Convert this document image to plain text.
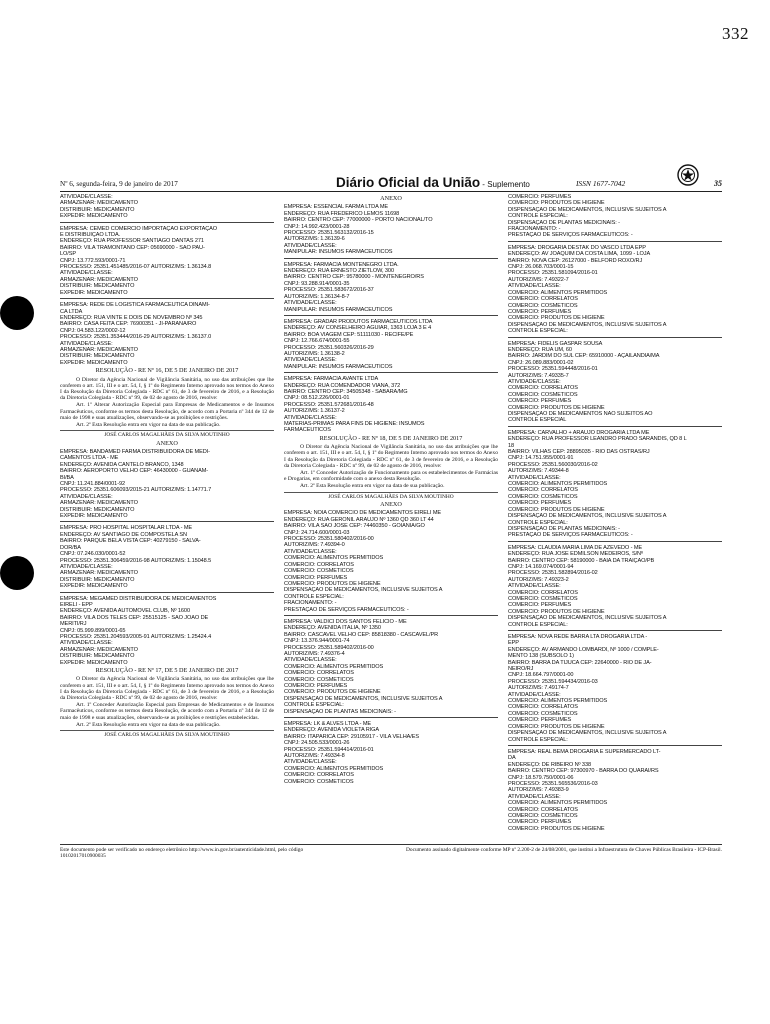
332
Nº 6, segunda-feira, 9 de janeiro de 2017	Diário Oficial da União - Suplemento	ISSN 1677-7042	35
ATIVIDADE/CLASSE:
ARMAZENAR: MEDICAMENTO
DISTRIBUIR: MEDICAMENTO
EXPEDIR: MEDICAMENTO
EMPRESA: CEMED COMÉRCIO IMPORTAÇÃO EXPORTAÇÃO
E DISTRIBUIÇÃO LTDA.
ENDEREÇO: RUA PROFESSOR SANTIAGO DANTAS 271
BAIRRO: VILA TRAMONTANO CEP: 05690000 - SÃO PAU-
LO/SP
CNPJ: 13.772.593/0001-71
PROCESSO: 25351.451485/2016-07 AUTORIZ/MS: 1.36134.8
ATIVIDADE/CLASSE:
ARMAZENAR: MEDICAMENTO
DISTRIBUIR: MEDICAMENTO
EXPEDIR: MEDICAMENTO
EMPRESA: REDE DE LOGÍSTICA FARMACÊUTICA DINAMI-
CA LTDA
ENDEREÇO: RUA VINTE E DOIS DE NOVEMBRO Nº 345
BAIRRO: CASA FEITA CEP: 76900351 - JI-PARANÁ/RO
CNPJ: 04.583.122/0002-12
PROCESSO: 25351.353444/2016-29 AUTORIZ/MS: 1.36137.0
ATIVIDADE/CLASSE:
ARMAZENAR: MEDICAMENTO
DISTRIBUIR: MEDICAMENTO
EXPEDIR: MEDICAMENTO
RESOLUÇÃO - RE Nº 16, DE 5 DE JANEIRO DE 2017
O Diretor da Agência Nacional de Vigilância Sanitária, no uso das atribuições que lhe conferem o art. 151, III e o art. 54, I, § 1º do Regimento Interno aprovado nos termos do Anexo I da Resolução da Diretoria Colegiada - RDC nº 61, de 3 de fevereiro de 2016, e a Resolução da Diretoria Colegiada - RDC nº 99, de 02 de agosto de 2016, resolve:
Art. 1º Alterar Autorização Especial para Empresas de Medicamentos e de Insumos Farmacêuticos, conforme os termos desta Resolução, de acordo com a Portaria nº 344 de 12 de maio de 1998 e suas atualizações, observando-se as proibições e restrições.
Art. 2º Esta Resolução entra em vigor na data de sua publicação.
JOSÉ CARLOS MAGALHÃES DA SILVA MOUTINHO
ANEXO
EMPRESA: BANDAMED FARMA DISTRIBUIDORA DE MEDI-
CAMENTOS LTDA - ME
ENDEREÇO: AVENIDA CANTELO BRANCO, 1348
BAIRRO: AEROPORTO VELHO CEP: 46430000 - GUANAM-
BI/BA
CNPJ: 11.241.884/0001-92
PROCESSO: 25351.606093/2015-21 AUTORIZ/MS: 1.14771.7
ATIVIDADE/CLASSE:
ARMAZENAR: MEDICAMENTO
DISTRIBUIR: MEDICAMENTO
EXPEDIR: MEDICAMENTO
EMPRESA: PRO HOSPITAL HOSPITALAR LTDA - ME
ENDEREÇO: AV SANTIAGO DE COMPOSTELA SN
BAIRRO: PARQUE BELA VISTA CEP: 40279150 - SALVA-
DOR/BA
CNPJ: 07.246.030/0001-52
PROCESSO: 25351.306459/2016-98 AUTORIZ/MS: 1.15048.5
ATIVIDADE/CLASSE:
ARMAZENAR: MEDICAMENTO
DISTRIBUIR: MEDICAMENTO
EXPEDIR: MEDICAMENTO
EMPRESA: MEGAMED DISTRIBUIDORA DE MEDICAMENTOS
EIRELI - EPP
ENDEREÇO: AVENIDA AUTOMÓVEL CLUB, Nº 1600
BAIRRO: VILA DOS TELES CEP: 25515125 - SÃO JOÃO DE
MERITI/RJ
CNPJ: 05.999.899/0001-65
PROCESSO: 25351.204593/2005-91 AUTORIZ/MS: 1.25424.4
ATIVIDADE/CLASSE:
ARMAZENAR: MEDICAMENTO
DISTRIBUIR: MEDICAMENTO
EXPEDIR: MEDICAMENTO
RESOLUÇÃO - RE Nº 17, DE 5 DE JANEIRO DE 2017
O Diretor da Agência Nacional de Vigilância Sanitária, no uso das atribuições que lhe conferem o art. 151, III e o art. 54, I, § 1º do Regimento Interno aprovado nos termos do Anexo I da Resolução da Diretoria Colegiada - RDC nº 61, de 3 de fevereiro de 2016, e a Resolução da Diretoria Colegiada - RDC nº 99, de 02 de agosto de 2016, resolve:
Art. 1º Conceder Autorização Especial para Empresas de Medicamentos e de Insumos Farmacêuticos, conforme os termos desta Resolução, de acordo com a Portaria nº 344 de 12 de maio de 1998 e suas atualizações, observando-se as proibições e restrições estabelecidas.
Art. 2º Esta Resolução entra em vigor na data de sua publicação.
JOSÉ CARLOS MAGALHÃES DA SILVA MOUTINHO
ANEXO
EMPRESA: ESSENCIAL FARMA LTDA ME
ENDEREÇO: RUA FREDERICO LEMOS 11698
BAIRRO: CENTRO CEP: 77000000 - PORTO NACIONAL/TO
CNPJ: 14.992.423/0001-28
PROCESSO: 25351.563132/2016-15
AUTORIZ/MS: 1.36139-6
ATIVIDADE/CLASSE:
MANIPULAR: INSUMOS FARMACÊUTICOS
EMPRESA: FARMÁCIA MONTENEGRO LTDA.
ENDEREÇO: RUA ERNESTO ZIETLOW, 300
BAIRRO: CENTRO CEP: 95780000 - MONTENEGRO/RS
CNPJ: 93.288.914/0001-35
PROCESSO: 25351.583672/2016-37
AUTORIZ/MS: 1.36134-8-7
ATIVIDADE/CLASSE:
MANIPULAR: INSUMOS FARMACÊUTICOS
EMPRESA: GRADAR PRODUTOS FARMACÊUTICOS LTDA
ENDEREÇO: AV CONSELHEIRO AGUIAR, 1363 LOJA 3 E 4
BAIRRO: BOA VIAGEM CEP: 51111030 - RECIFE/PE
CNPJ: 12.766.674/0001-55
PROCESSO: 25351.560326/2016-29
AUTORIZ/MS: 1.36138-2
ATIVIDADE/CLASSE:
MANIPULAR: INSUMOS FARMACÊUTICOS
EMPRESA: FARMÁCIA AVANTE LTDA
ENDEREÇO: RUA COMENDADOR VIANA, 372
BAIRRO: CENTRO CEP: 34505348 - SABARÁ/MG
CNPJ: 08.512.226/0001-01
PROCESSO: 25351.572681/2016-48
AUTORIZ/MS: 1.36137-2
ATIVIDADE/CLASSE:
MATÉRIAS-PRIMAS PARA FINS DE HIGIENE: INSUMOS
FARMACÊUTICOS
RESOLUÇÃO - RE Nº 18, DE 5 DE JANEIRO DE 2017
O Diretor da Agência Nacional de Vigilância Sanitária, no uso das atribuições que lhe conferem o art. 151, III e o art. 54, I, § 1º do Regimento Interno aprovado nos termos do Anexo I da Resolução da Diretoria Colegiada - RDC nº 61, de 3 de fevereiro de 2016, e a Resolução da Diretoria Colegiada - RDC nº 99, de 02 de agosto de 2016, resolve:
Art. 1º Conceder Autorização de Funcionamento para os estabelecimentos de Farmácias e Drogarias, em conformidade com o anexo desta Resolução.
Art. 2º Esta Resolução entra em vigor na data de sua publicação.
JOSÉ CARLOS MAGALHÃES DA SILVA MOUTINHO
ANEXO
EMPRESA: NÓIA COMÉRCIO DE MEDICAMENTOS EIRELI ME
ENDEREÇO: RUA GERONIL ARAÚJO Nº 1360 QD 360 LT 44
BAIRRO: VILA SÃO JOSÉ CEP: 74460350 - GOIÂNIA/GO
CNPJ: 24.714.600/0001-03
PROCESSO: 25351.580402/2016-00
AUTORIZ/MS: 7.49394-0
ATIVIDADE/CLASSE:
COMÉRCIO: ALIMENTOS PERMITIDOS
COMÉRCIO: CORRELATOS
COMÉRCIO: COSMÉTICOS
COMÉRCIO: PERFUMES
COMÉRCIO: PRODUTOS DE HIGIENE
DISPENSAÇÃO DE MEDICAMENTOS, INCLUSIVE SUJEITOS A
CONTROLE ESPECIAL:
FRACIONAMENTO: -
PRESTAÇÃO DE SERVIÇOS FARMACÊUTICOS: -
EMPRESA: VALDICI DOS SANTOS FELICIO - ME
ENDEREÇO: AVENIDA ITÁLIA, Nº 1350
BAIRRO: CASCAVEL VELHO CEP: 85818380 - CASCAVEL/PR
CNPJ: 13.376.944/0001-74
PROCESSO: 25351.589402/2016-00
AUTORIZ/MS: 7.49376-4
ATIVIDADE/CLASSE:
COMÉRCIO: ALIMENTOS PERMITIDOS
COMÉRCIO: CORRELATOS
COMÉRCIO: COSMÉTICOS
COMÉRCIO: PERFUMES
COMÉRCIO: PRODUTOS DE HIGIENE
DISPENSAÇÃO DE MEDICAMENTOS, INCLUSIVE SUJEITOS A
CONTROLE ESPECIAL:
DISPENSAÇÃO DE PLANTAS MEDICINAIS: -
EMPRESA: LK & ALVES LTDA - ME
ENDEREÇO: AVENIDA VIOLETA RIGA
BAIRRO: ITAPARICA CEP: 29105917 - VILA VELHA/ES
CNPJ: 24.505.533/0001-26
PROCESSO: 25351.594414/2016-01
AUTORIZ/MS: 7.49334-8
ATIVIDADE/CLASSE:
COMÉRCIO: ALIMENTOS PERMITIDOS
COMÉRCIO: CORRELATOS
COMÉRCIO: COSMÉTICOS
COMÉRCIO: PERFUMES
COMÉRCIO: PRODUTOS DE HIGIENE
DISPENSAÇÃO DE MEDICAMENTOS, INCLUSIVE SUJEITOS A
CONTROLE ESPECIAL:
DISPENSAÇÃO DE PLANTAS MEDICINAIS: -
FRACIONAMENTO: -
PRESTAÇÃO DE SERVIÇOS FARMACÊUTICOS: -
EMPRESA: DROGARIA DESTAK DO VASCO LTDA EPP
ENDEREÇO: AV JOAQUIM DA COSTA LIMA, 1099 - LOJA
BAIRRO: NOVA CEP: 26127000 - BELFORD ROXO/RJ
CNPJ: 26.068.703/0001-15
PROCESSO: 25351.581094/2016-01
AUTORIZ/MS: 7.49322-7
ATIVIDADE/CLASSE:
COMÉRCIO: ALIMENTOS PERMITIDOS
COMÉRCIO: CORRELATOS
COMÉRCIO: COSMÉTICOS
COMÉRCIO: PERFUMES
COMÉRCIO: PRODUTOS DE HIGIENE
DISPENSAÇÃO DE MEDICAMENTOS, INCLUSIVE SUJEITOS A
CONTROLE ESPECIAL:
EMPRESA: FIDELIS GASPAR SOUSA
ENDEREÇO: RUA UM, 60
BAIRRO: JARDIM DO SUL CEP: 65910000 - AÇAILÂNDIA/MA
CNPJ: 26.089.883/0001-02
PROCESSO: 25351.594448/2016-01
AUTORIZ/MS: 7.49335-7
ATIVIDADE/CLASSE:
COMÉRCIO: CORRELATOS
COMÉRCIO: COSMÉTICOS
COMÉRCIO: PERFUMES
COMÉRCIO: PRODUTOS DE HIGIENE
DISPENSAÇÃO DE MEDICAMENTOS NÃO SUJEITOS AO
CONTROLE ESPECIAL
EMPRESA: CARVALHO + ARAÚJO DROGARIA LTDA ME
ENDEREÇO: RUA PROFESSOR LEANDRO PRADO SARANDIS, QD 8 L
18
BAIRRO: VILHAS CEP: 28895035 - RIO DAS OSTRAS/RJ
CNPJ: 14.751.955/0001-91
PROCESSO: 25351.560030/2016-02
AUTORIZ/MS: 7.49344-8
ATIVIDADE/CLASSE:
COMÉRCIO: ALIMENTOS PERMITIDOS
COMÉRCIO: CORRELATOS
COMÉRCIO: COSMÉTICOS
COMÉRCIO: PERFUMES
COMÉRCIO: PRODUTOS DE HIGIENE
DISPENSAÇÃO DE MEDICAMENTOS, INCLUSIVE SUJEITOS A
CONTROLE ESPECIAL:
DISPENSAÇÃO DE PLANTAS MEDICINAIS: -
PRESTAÇÃO DE SERVIÇOS FARMACÊUTICOS: -
EMPRESA: CLAUDIA MARIA LIMA DE AZEVEDO - ME
ENDEREÇO: RUA JOSÉ EDMILSON MEDEIROS, S/Nº
BAIRRO: CENTRO CEP: 58190000 - BAÍA DA TRAIÇÃO/PB
CNPJ: 14.169.074/0001-94
PROCESSO: 25351.582894/2016-02
AUTORIZ/MS: 7.49323-2
ATIVIDADE/CLASSE:
COMÉRCIO: CORRELATOS
COMÉRCIO: COSMÉTICOS
COMÉRCIO: PERFUMES
COMÉRCIO: PRODUTOS DE HIGIENE
DISPENSAÇÃO DE MEDICAMENTOS, INCLUSIVE SUJEITOS A
CONTROLE ESPECIAL:
EMPRESA: NOVA REDE BARRA LTA DROGARIA LTDA -
EPP
ENDEREÇO: AV ARMANDO LOMBARDI, Nº 1000 / COMPLE-
MENTO 138 (SUBSOLO 1)
BAIRRO: BARRA DA TIJUCA CEP: 22640000 - RIO DE JA-
NEIRO/RJ
CNPJ: 18.664.797/0001-00
PROCESSO: 25351.594434/2016-03
AUTORIZ/MS: 7.49174-7
ATIVIDADE/CLASSE:
COMÉRCIO: ALIMENTOS PERMITIDOS
COMÉRCIO: CORRELATOS
COMÉRCIO: COSMÉTICOS
COMÉRCIO: PERFUMES
COMÉRCIO: PRODUTOS DE HIGIENE
DISPENSAÇÃO DE MEDICAMENTOS, INCLUSIVE SUJEITOS A
CONTROLE ESPECIAL:
EMPRESA: REAL BEMA DROGARIA E SUPERMERCADO LT-
DA
ENDEREÇO: DE RIBEIRO Nº 338
BAIRRO: CENTRO CEP: 97300970 - BARRA DO QUARAÍ/RS
CNPJ: 18.579.750/0001-06
PROCESSO: 25351.565536/2016-03
AUTORIZ/MS: 7.49383-9
ATIVIDADE/CLASSE:
COMÉRCIO: ALIMENTOS PERMITIDOS
COMÉRCIO: CORRELATOS
COMÉRCIO: COSMÉTICOS
COMÉRCIO: PERFUMES
COMÉRCIO: PRODUTOS DE HIGIENE
Este documento pode ser verificado no endereço eletrônico http://www.in.gov.br/autenticidade.html, pelo código 10102017010900035
Documento assinado digitalmente conforme MP nº 2.200-2 de 24/08/2001, que institui a Infraestrutura de Chaves Públicas Brasileira - ICP-Brasil.
